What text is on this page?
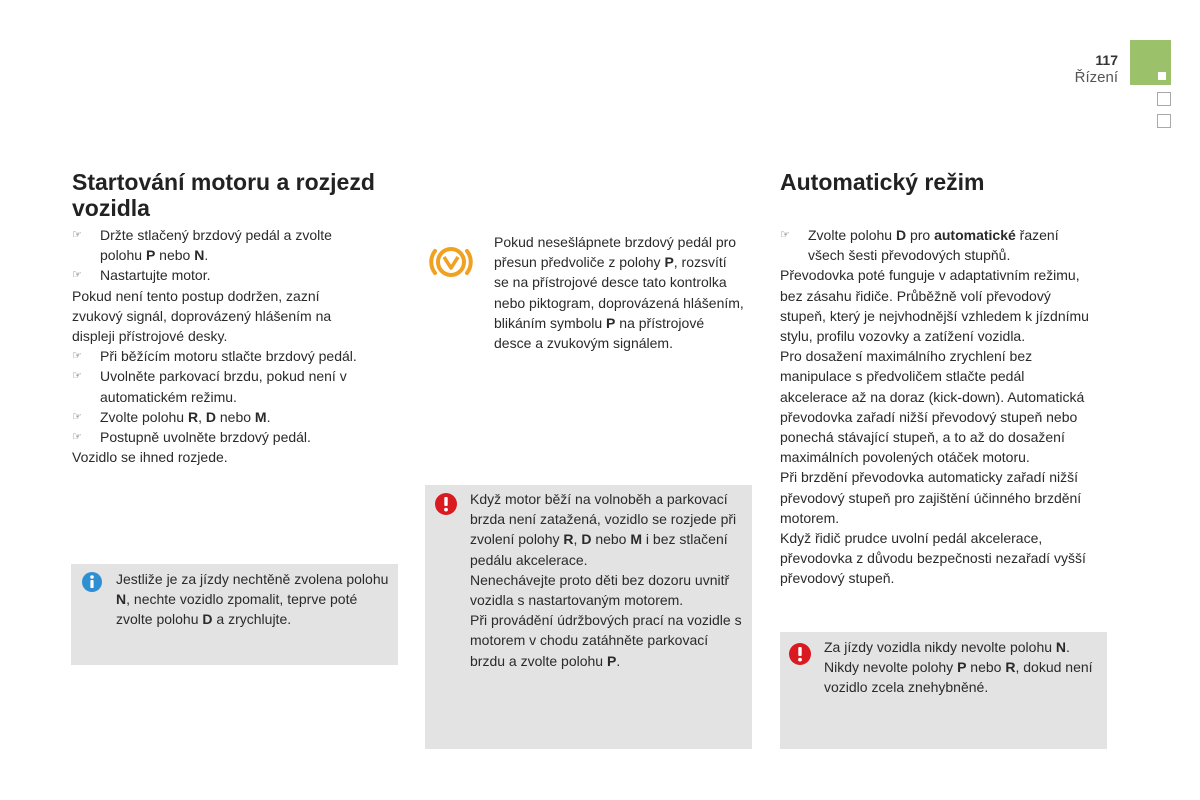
117
Řízení
Startování motoru a rozjezd vozidla

☞ Držte stlačený brzdový pedál a zvolte polohu P nebo N.

☞ Nastartujte motor.

Pokud není tento postup dodržen, zazní zvukový signál, doprovázený hlášením na displeji přístrojové desky.

☞ Při běžícím motoru stlačte brzdový pedál.

☞ Uvolněte parkovací brzdu, pokud není v automatickém režimu.

☞ Zvolte polohu R, D nebo M.

☞ Postupně uvolněte brzdový pedál.

Vozidlo se ihned rozjede.

Jestliže je za jízdy nechtěně zvolena polohu N, nechte vozidlo zpomalit, teprve poté zvolte polohu D a zrychlujte.
Pokud nesešlápnete brzdový pedál pro přesun předvoliče z polohy P, rozsvítí se na přístrojové desce tato kontrolka nebo piktogram, doprovázená hlášením, blikáním symbolu P na přístrojové desce a zvukovým signálem.
Když motor běží na volnoběh a parkovací brzda není zatažená, vozidlo se rozjede při zvolení polohy R, D nebo M i bez stlačení pedálu akcelerace.
Nenechávejte proto děti bez dozoru uvnitř vozidla s nastartovaným motorem.
Při provádění údržbových prací na vozidle s motorem v chodu zatáhněte parkovací brzdu a zvolte polohu P.
Automatický režim

☞ Zvolte polohu D pro automatické řazení všech šesti převodových stupňů.

Převodovka poté funguje v adaptativním režimu, bez zásahu řidiče. Průběžně volí převodový stupeň, který je nejvhodnější vzhledem k jízdnímu stylu, profilu vozovky a zatížení vozidla.

Pro dosažení maximálního zrychlení bez manipulace s předvoličem stlačte pedál akcelerace až na doraz (kick-down). Automatická převodovka zařadí nižší převodový stupeň nebo ponechá stávající stupeň, a to až do dosažení maximálních povolených otáček motoru.

Při brzdění převodovka automaticky zařadí nižší převodový stupeň pro zajištění účinného brzdění motorem.

Když řidič prudce uvolní pedál akcelerace, převodovka z důvodu bezpečnosti nezařadí vyšší převodový stupeň.

Za jízdy vozidla nikdy nevolte polohu N.
Nikdy nevolte polohy P nebo R, dokud není vozidlo zcela znehybněné.
